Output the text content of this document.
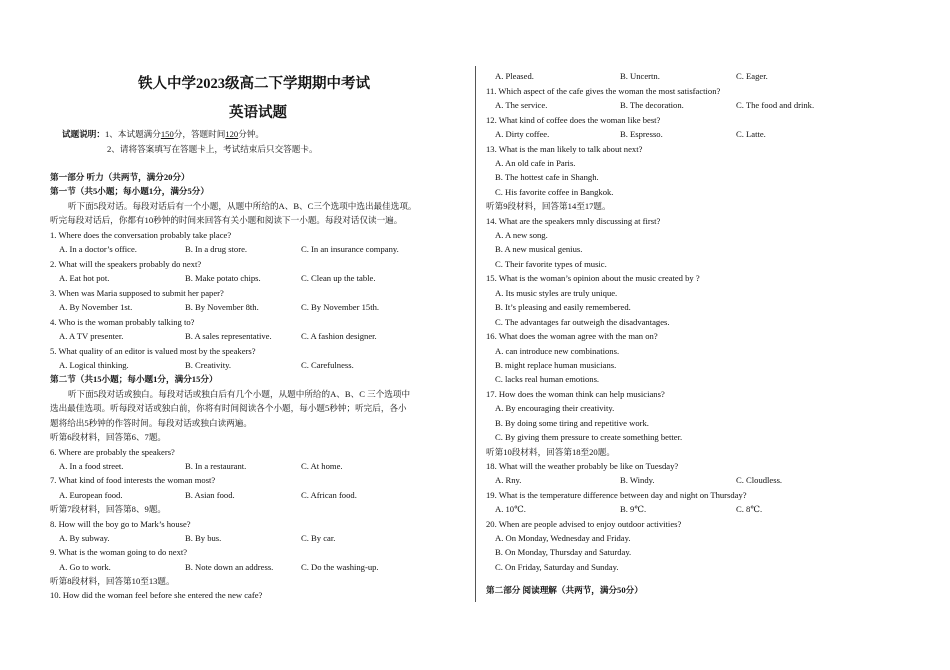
铁人中学2023级高二下学期期中考试
英语试题
试题说明：1、本试题满分150分，答题时间120分钟。
2、请将答案填写在答题卡上，考试结束后只交答题卡。
第一部分 听力（共两节，满分20分）
第一节（共5小题；每小题1分，满分5分）
听下面5段对话。每段对话后有一个小题，从题中所给的A、B、C三个选项中选出最佳选项。
听完每段对话后，你都有10秒钟的时间来回答有关小题和阅读下一小题。每段对话仅读一遍。
1. Where does the conversation probably take place?
A. In a doctor’s office.	B. In a drug store.	C. In an insurance company.
2. What will the speakers probably do next?
A. Eat hot pot.	B. Make potato chips.	C. Clean up the table.
3. When was Maria supposed to submit her paper?
A. By November 1st.	B. By November 8th.	C. By November 15th.
4. Who is the woman probably talking to?
A. A TV presenter.	B. A sales representative.	C. A fashion designer.
5. What quality of an editor is valued most by the speakers?
A. Logical thinking.	B. Creativity.	C. Carefulness.
第二节（共15小题；每小题1分，满分15分）
听下面5段对话或独白。每段对话或独白后有几个小题，从题中所给的A、B、C 三个选项中
选出最佳选项。听每段对话或独白前，你将有时间阅读各个小题，每小题5秒钟；听完后，各小
题将给出5秒钟的作答时间。每段对话或独白读两遍。
听第6段材料，回答第6、7题。
6. Where are probably the speakers?
A. In a food street.	B. In a restaurant.	C. At home.
7. What kind of food interests the woman most?
A. European food.	B. Asian food.	C. African food.
听第7段材料，回答第8、9题。
8. How will the boy go to Mark’s house?
A. By subway.	B. By bus.	C. By car.
9. What is the woman going to do next?
A. Go to work.	B. Note down an address.	C. Do the washing-up.
听第8段材料，回答第10至13题。
10. How did the woman feel before she entered the new cafe?
A. Pleased.	B. Uncertn.	C. Eager.
11. Which aspect of the cafe gives the woman the most satisfaction?
A. The service.	B. The decoration.	C. The food and drink.
12. What kind of coffee does the woman like best?
A. Dirty coffee.	B. Espresso.	C. Latte.
13. What is the man likely to talk about next?
A. An old cafe in Paris.
B. The hottest cafe in Shangh.
C. His favorite coffee in Bangkok.
听第9段材料，回答第14至17题。
14. What are the speakers mnly discussing at first?
A. A new song.
B. A new musical genius.
C. Their favorite types of music.
15. What is the woman’s opinion about the music created by ?
A. Its music styles are truly unique.
B. It’s pleasing and easily remembered.
C. The advantages far outweigh the disadvantages.
16. What does the woman agree with the man on?
A. can introduce new combinations.
B. might replace human musicians.
C. lacks real human emotions.
17. How does the woman think can help musicians?
A. By encouraging their creativity.
B. By doing some tiring and repetitive work.
C. By giving them pressure to create something better.
听第10段材料，回答第18至20题。
18. What will the weather probably be like on Tuesday?
A. Rny.	B. Windy.	C. Cloudless.
19. What is the temperature difference between day and night on Thursday?
A. 10℃.	B. 9℃.	C. 8℃.
20. When are people advised to enjoy outdoor activities?
A. On Monday, Wednesday and Friday.
B. On Monday, Thursday and Saturday.
C. On Friday, Saturday and Sunday.
第二部分 阅读理解（共两节，满分50分）
